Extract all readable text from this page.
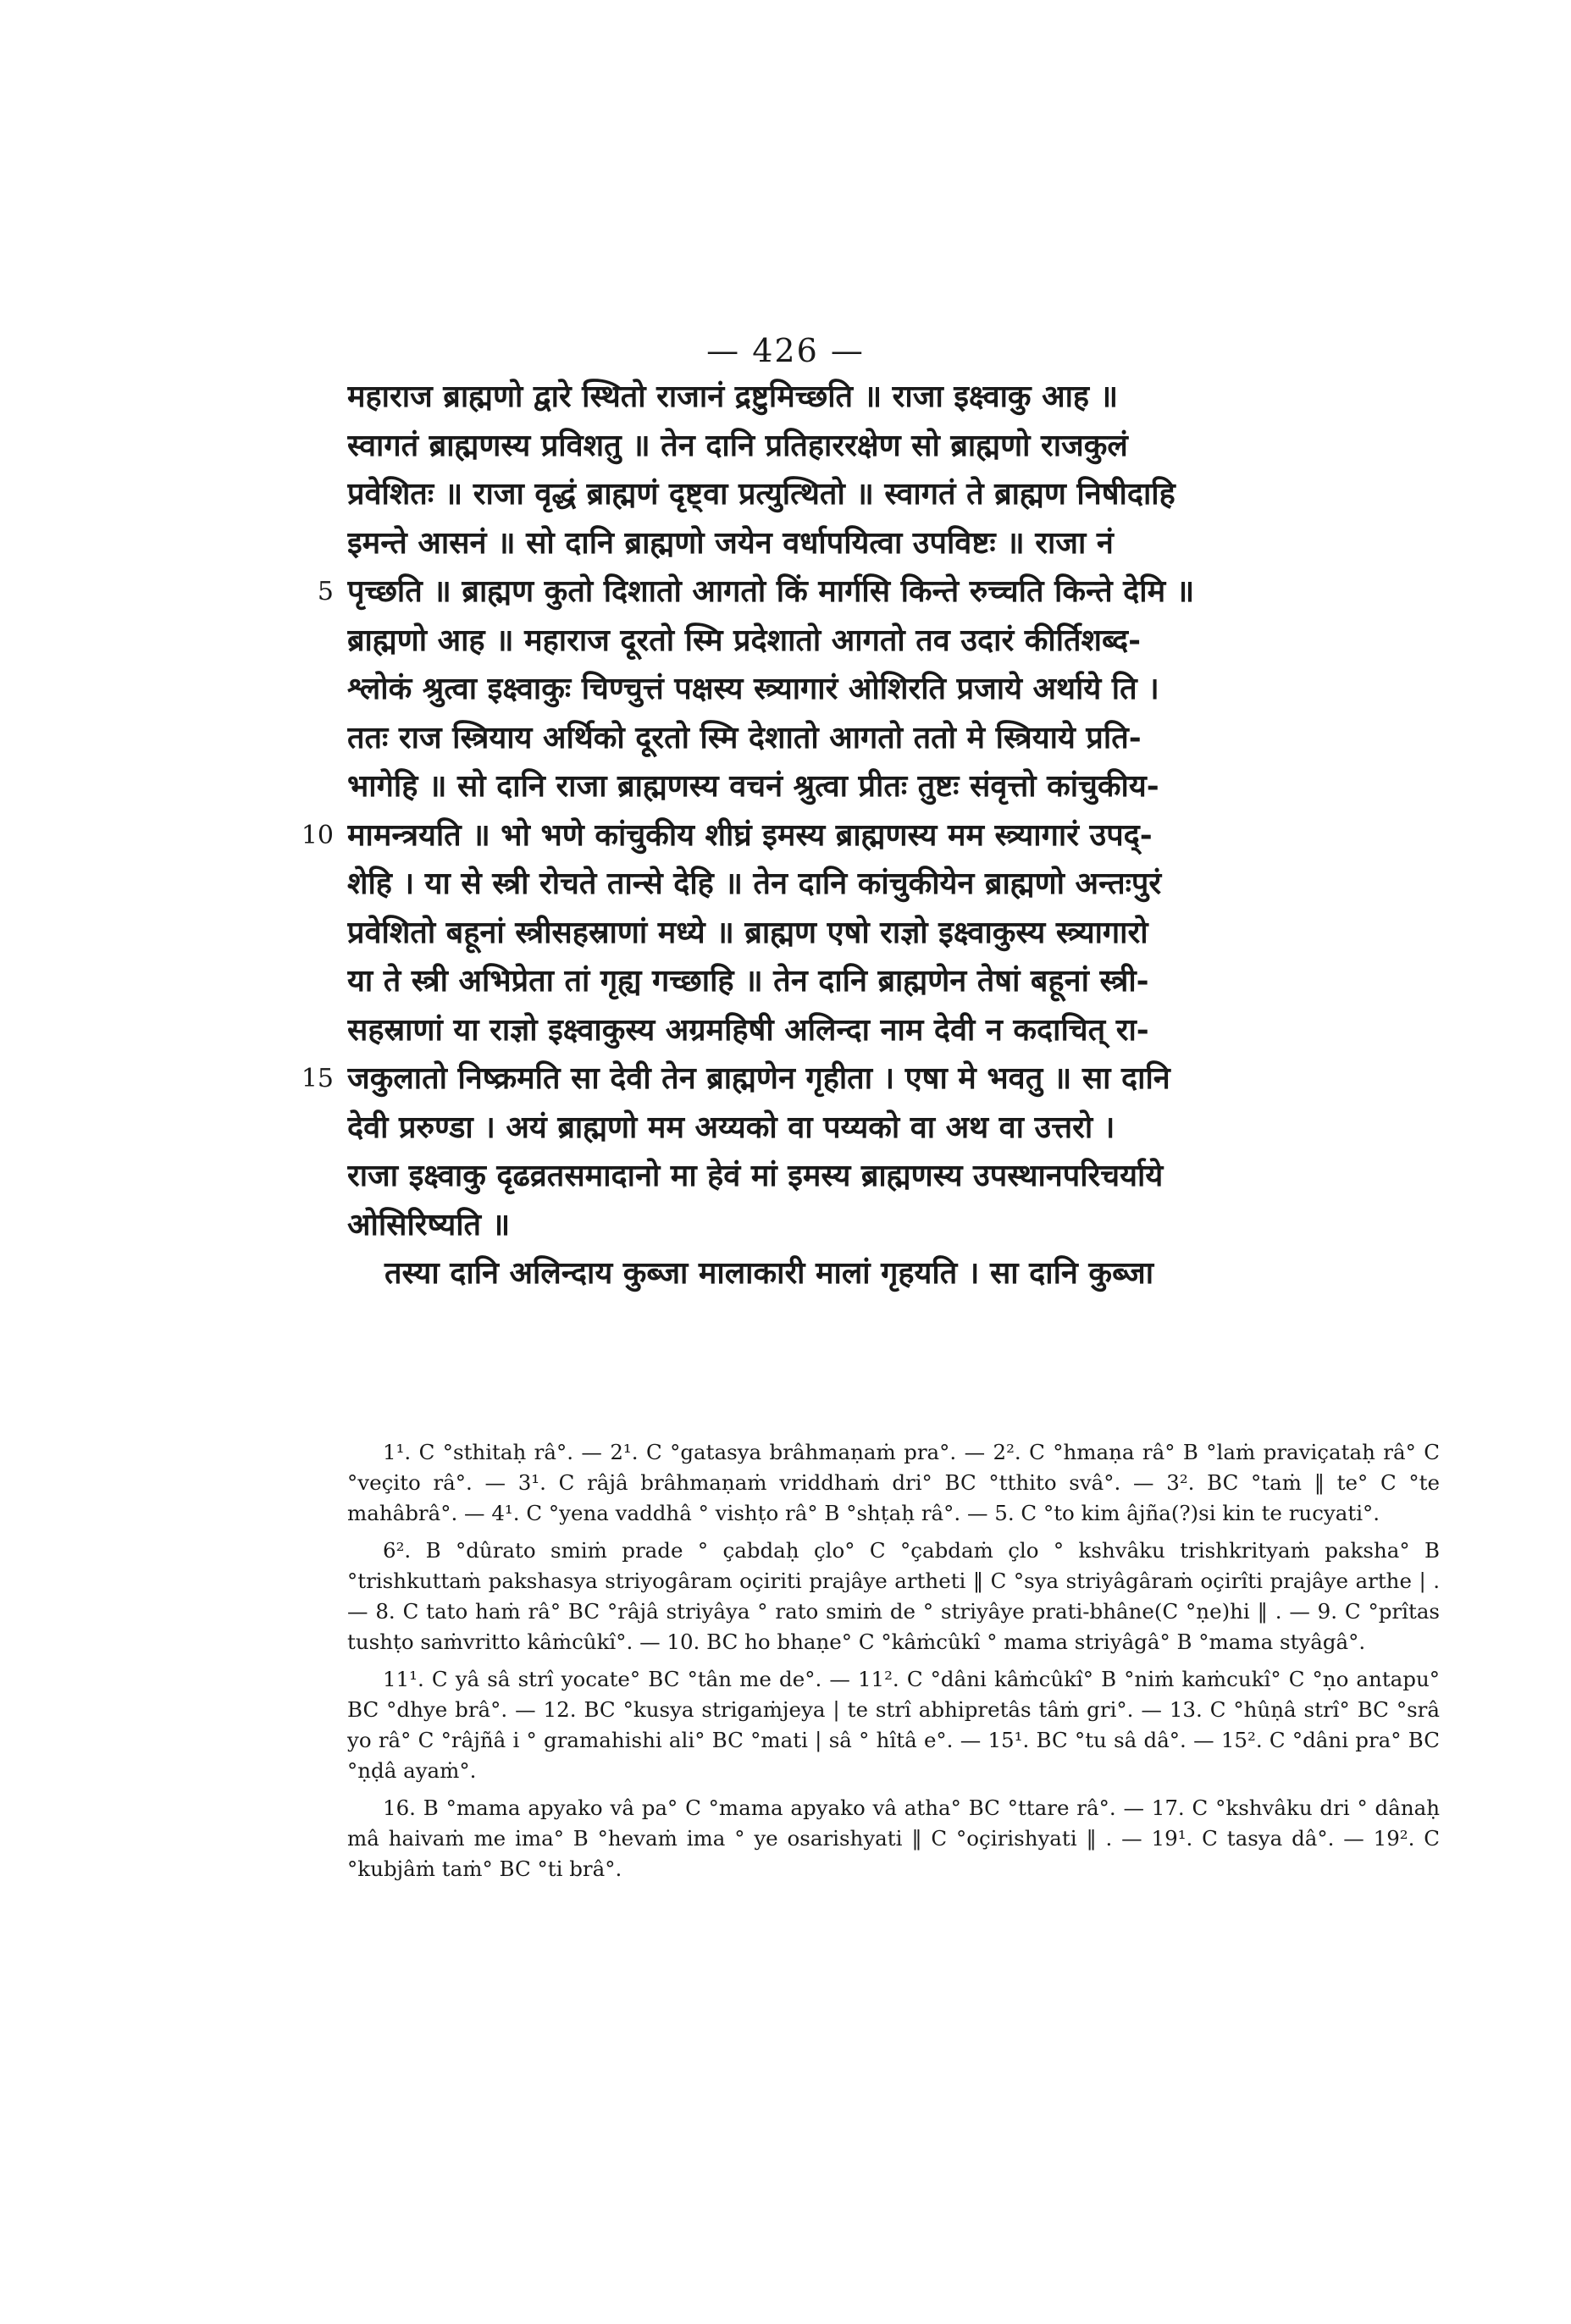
— 426 —
महाराज ब्राह्मणो द्वारे स्थितो राजानं द्रष्टुमिच्छति ॥ राजा इक्ष्वाकु आह ॥
स्वागतं ब्राह्मणस्य प्रविशतु ॥ तेन दानि प्रतिहाररक्षेण सो ब्राह्मणो राजकुलं
प्रवेशितः ॥ राजा वृद्धं ब्राह्मणं दृष्ट्वा प्रत्युत्थितो ॥ स्वागतं ते ब्राह्मण निषीदाहि
इमन्ते आसनं ॥ सो दानि ब्राह्मणो जयेन वर्धापयित्वा उपविष्टः ॥ राजा नं
पृच्छति ॥ ब्राह्मण कुतो दिशातो आगतो किं मार्गसि किन्ते रुच्चति किन्ते देमि ॥
ब्राह्मणो आह ॥ महाराज दूरतो स्मि प्रदेशातो आगतो तव उदारं कीर्तिशब्द-
श्लोकं श्रुत्वा इक्ष्वाकुः चिण्चुत्तं पक्षस्य स्त्र्यागारं ओशिरति प्रजाये अर्थाये ति ।
ततः राज स्त्रियाय अर्थिको दूरतो स्मि देशातो आगतो ततो मे स्त्रियाये प्रति-
भागेहि ॥ सो दानि राजा ब्राह्मणस्य वचनं श्रुत्वा प्रीतः तुष्टः संवृत्तो कांचुकीय-
मामन्त्रयति ॥ भो भणे कांचुकीय शीघ्रं इमस्य ब्राह्मणस्य मम स्त्र्यागारं उपद्-
शेहि । या से स्त्री रोचते तान्से देहि ॥ तेन दानि कांचुकीयेन ब्राह्मणो अन्तःपुरं
प्रवेशितो बहूनां स्त्रीसहस्राणां मध्ये ॥ ब्राह्मण एषो राज्ञो इक्ष्वाकुस्य स्त्र्यागारो
या ते स्त्री अभिप्रेता तां गृह्य गच्छाहि ॥ तेन दानि ब्राह्मणेन तेषां बहूनां स्त्री-
सहस्राणां या राज्ञो इक्ष्वाकुस्य अग्रमहिषी अलिन्दा नाम देवी न कदाचित् रा-
जकुलातो निष्क्रमति सा देवी तेन ब्राह्मणेन गृहीता । एषा मे भवतु ॥ सा दानि
देवी प्ररुण्डा । अयं ब्राह्मणो मम अय्यको वा पय्यको वा अथ वा उत्तरो ।
राजा इक्ष्वाकु दृढव्रतसमादानो मा हेवं मां इमस्य ब्राह्मणस्य उपस्थानपरिचर्याये
ओसिरिष्यति ॥
तस्या दानि अलिन्दाय कुब्जा मालाकारी मालां गृहयति । सा दानि कुब्जा

1¹. C °sthitaḥ râ°. — 2¹. C °gatasya brâhmaṇaṁ pra°. — 2². C °hmaṇa râ° B °laṁ praviçataḥ râ° C °veçito râ°. — 3¹. C râjâ brâhmaṇaṁ vriddhaṁ dri° BC °tthito svâ°. — 3². BC °taṁ ‖ te° C °te mahâbrâ°. — 4¹. C °yena vaddhâ ° vishṭo râ° B °shṭaḥ râ°. — 5. C °to kim âjña(?)si kin te rucyati°.

6². B °dûrato smiṁ prade ° çabdaḥ çlo° C °çabdaṁ çlo ° kshvâku trishkrityaṁ paksha° B °trishkuttaṁ pakshasya striyogâram oçiriti prajâye artheti ‖ C °sya striyâgâraṁ oçirîti prajâye arthe | . — 8. C tato haṁ râ° BC °râjâ striyâya ° rato smiṁ de ° striyâye prati-bhâne(C °ṇe)hi ‖ . — 9. C °prîtas tushṭo saṁvritto kâṁcûkî°. — 10. BC ho bhaṇe° C °kâṁcûkî ° mama striyâgâ° B °mama styâgâ°.

11¹. C yâ sâ strî yocate° BC °tân me de°. — 11². C °dâni kâṁcûkî° B °niṁ kaṁcukî° C °ṇo antapu° BC °dhye brâ°. — 12. BC °kusya strigaṁjeya | te strî abhipretâs tâṁ gri°. — 13. C °hûṇâ strî° BC °srâ yo râ° C °râjñâ i ° gramahishi ali° BC °mati | sâ ° hîtâ e°. — 15¹. BC °tu sâ dâ°. — 15². C °dâni pra° BC °ṇḍâ ayaṁ°.

16. B °mama apyako vâ pa° C °mama apyako vâ atha° BC °ttare râ°. — 17. C °kshvâku dri ° dânaḥ mâ haivaṁ me ima° B °hevaṁ ima ° ye osarishyati ‖ C °oçirishyati ‖ . — 19¹. C tasya dâ°. — 19². C °kubjâṁ taṁ° BC °ti brâ°.

5
10
15
